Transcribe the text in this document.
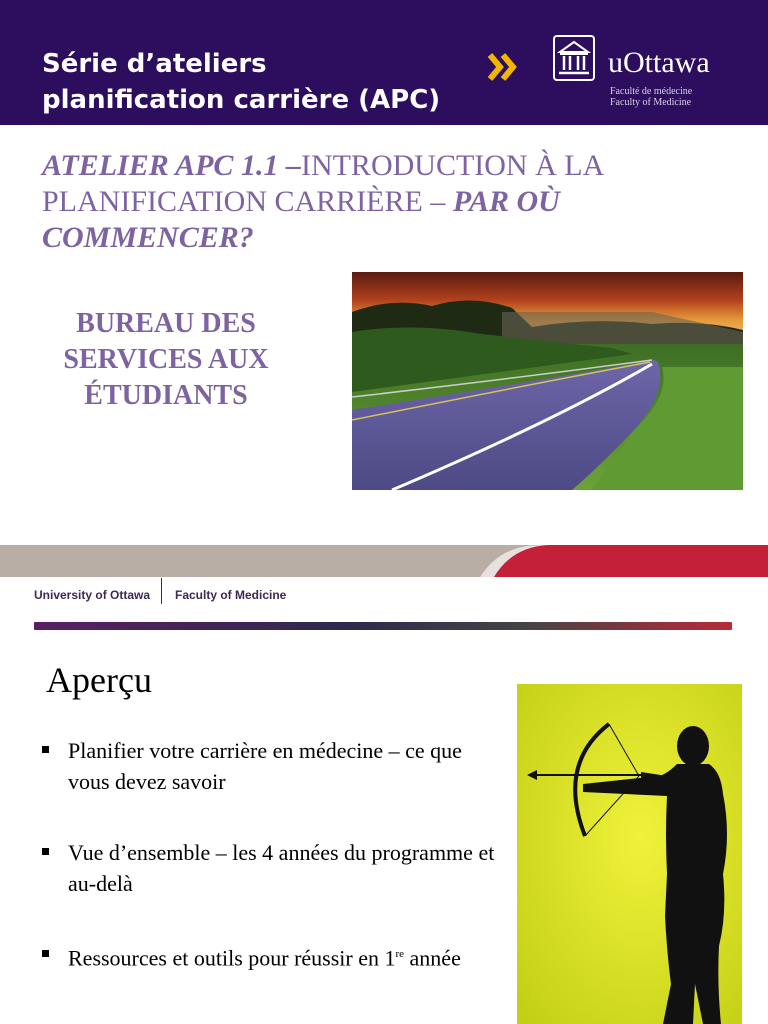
Série d’ateliers
planification carrière (APC)
uOttawa
Faculté de médecine
Faculty of Medicine
ATELIER APC 1.1 –INTRODUCTION À LA
PLANIFICATION CARRIÈRE – PAR OÙ
COMMENCER?
BUREAU DES
SERVICES AUX
ÉTUDIANTS
University of Ottawa Faculty of Medicine
Aperçu
Planifier votre carrière en médecine – ce que vous devez savoir
Vue d’ensemble – les 4 années du programme et au-delà
Ressources et outils pour réussir en 1re année
